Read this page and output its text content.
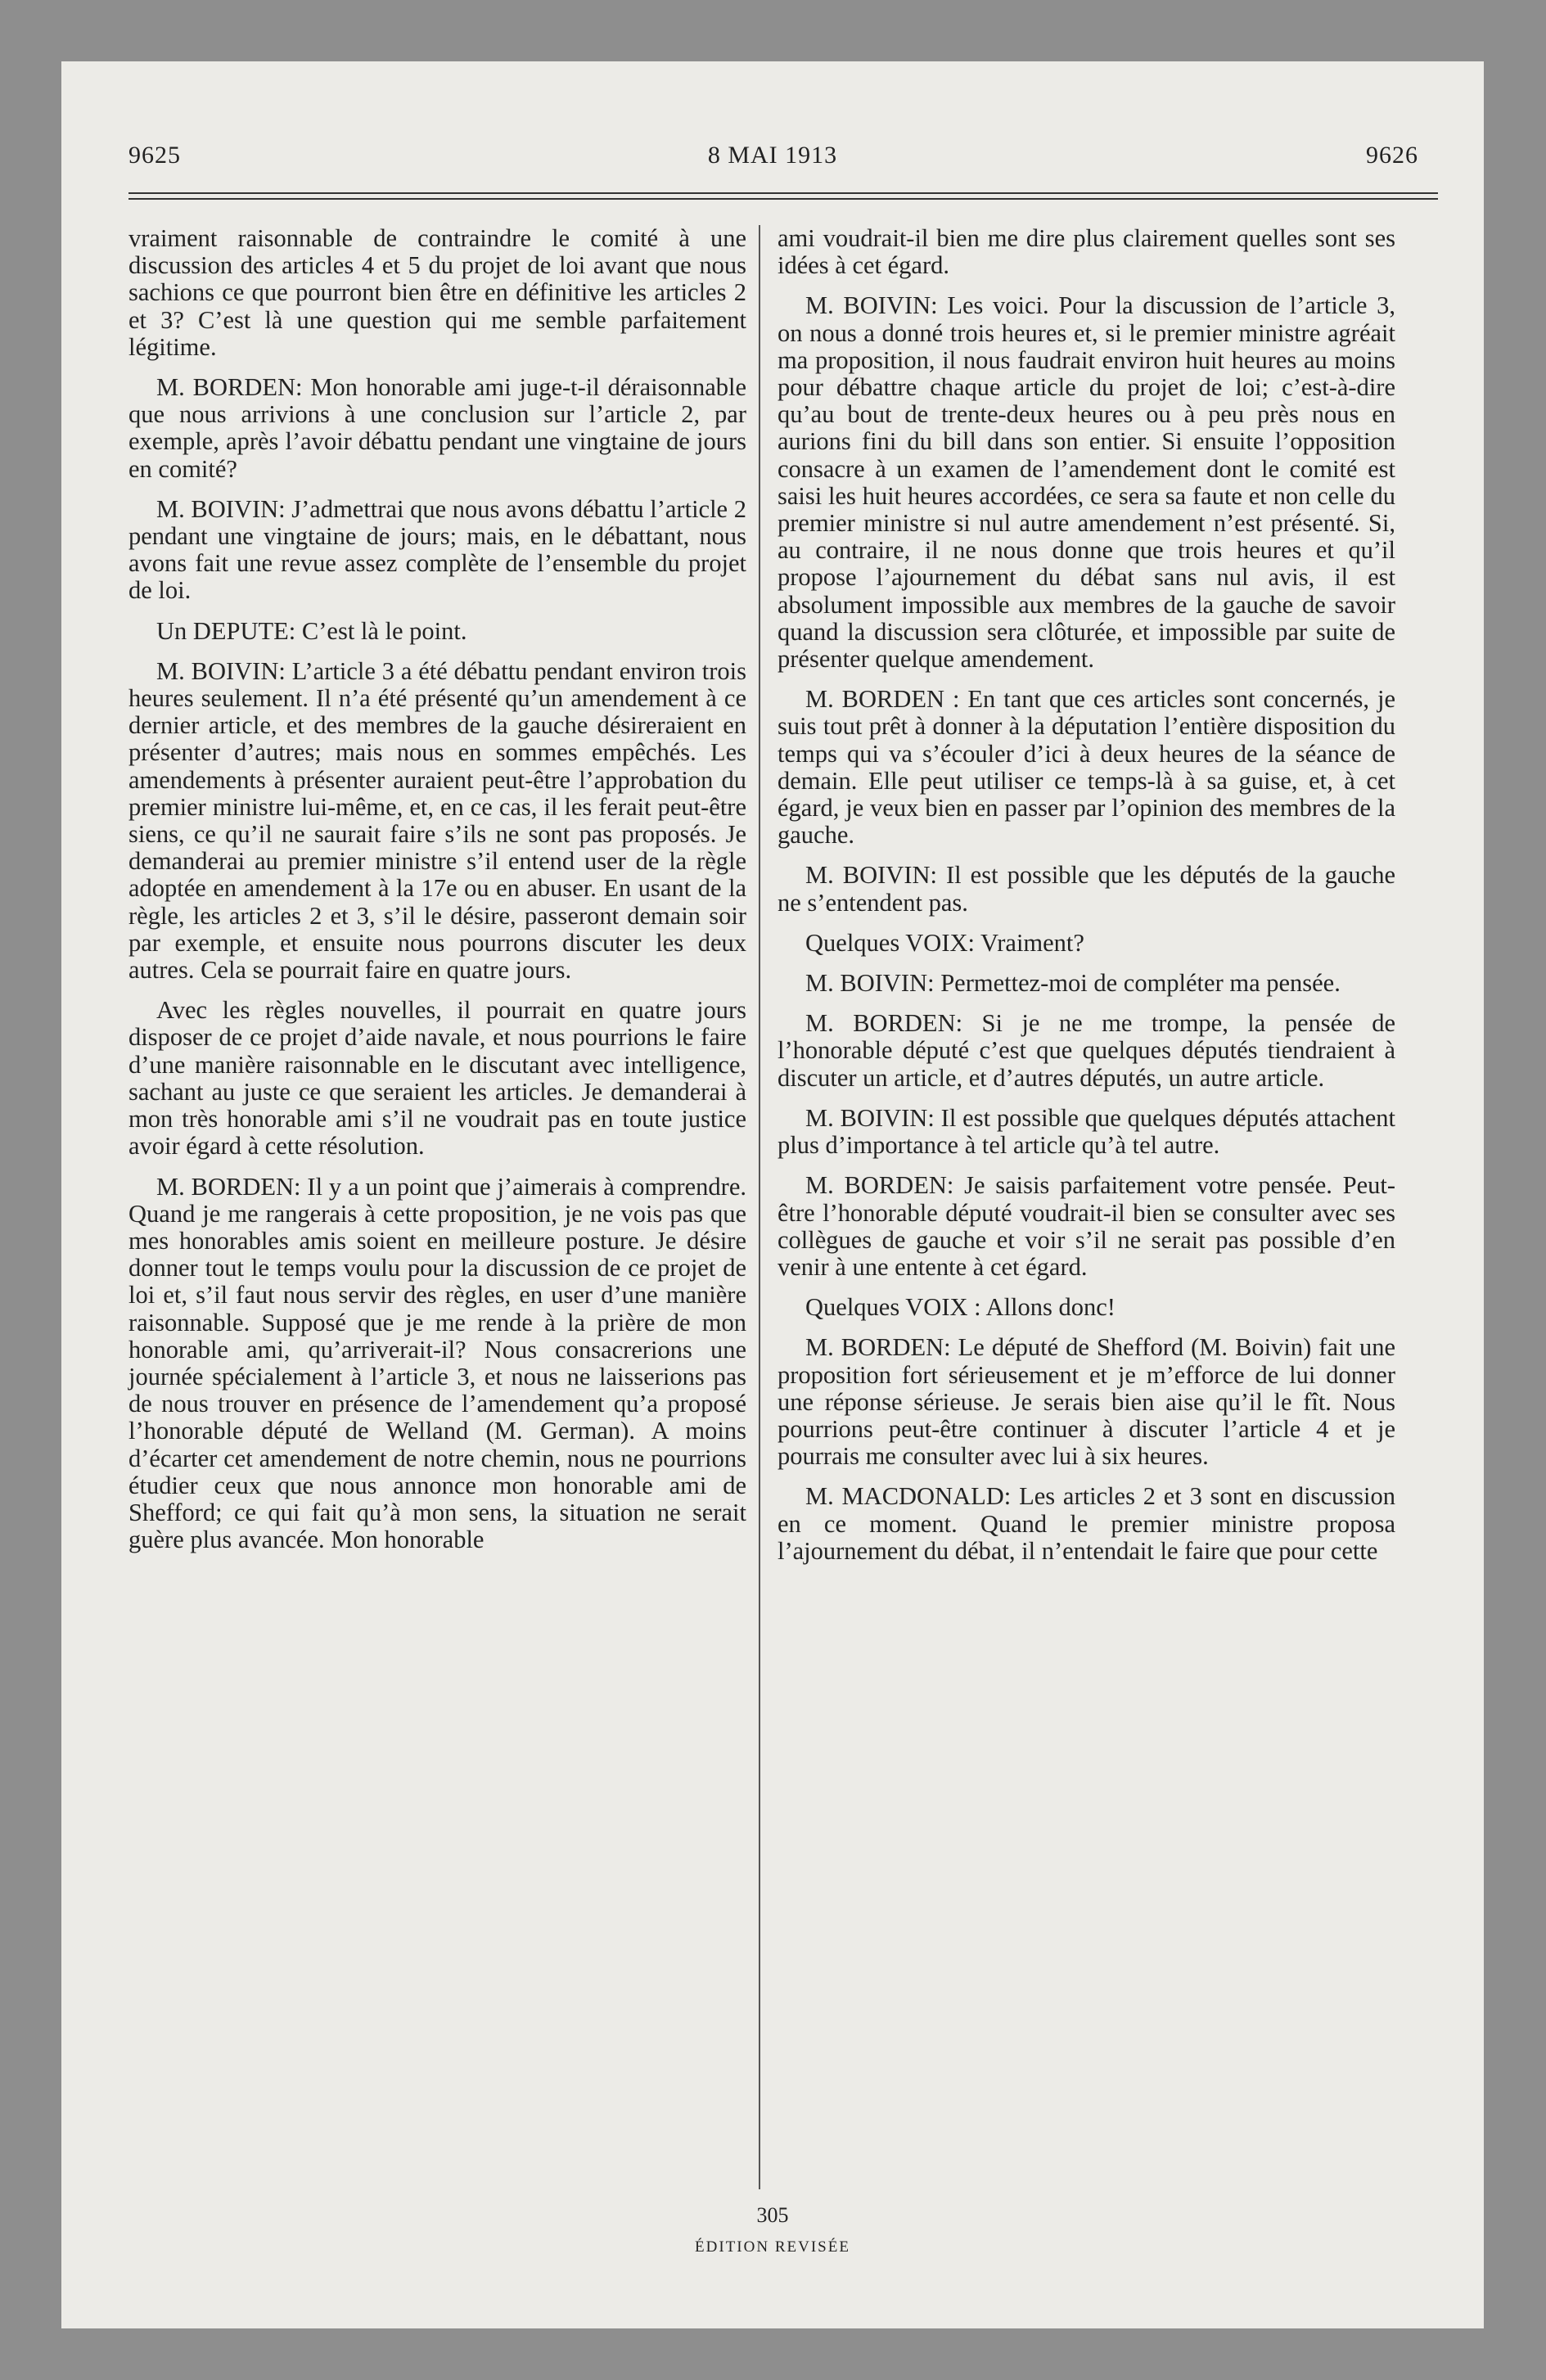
9625	8 MAI 1913	9626

vraiment raisonnable de contraindre le comité à une discussion des articles 4 et 5 du projet de loi avant que nous sachions ce que pourront bien être en définitive les articles 2 et 3? C’est là une question qui me semble parfaitement légitime.

M. BORDEN: Mon honorable ami juge-t-il déraisonnable que nous arrivions à une conclusion sur l’article 2, par exemple, après l’avoir débattu pendant une vingtaine de jours en comité?

M. BOIVIN: J’admettrai que nous avons débattu l’article 2 pendant une vingtaine de jours; mais, en le débattant, nous avons fait une revue assez complète de l’ensemble du projet de loi.

Un DEPUTE: C’est là le point.

M. BOIVIN: L’article 3 a été débattu pendant environ trois heures seulement. Il n’a été présenté qu’un amendement à ce dernier article, et des membres de la gauche désireraient en présenter d’autres; mais nous en sommes empêchés. Les amendements à présenter auraient peut-être l’approbation du premier ministre lui-même, et, en ce cas, il les ferait peut-être siens, ce qu’il ne saurait faire s’ils ne sont pas proposés. Je demanderai au premier ministre s’il entend user de la règle adoptée en amendement à la 17e ou en abuser. En usant de la règle, les articles 2 et 3, s’il le désire, passeront demain soir par exemple, et ensuite nous pourrons discuter les deux autres. Cela se pourrait faire en quatre jours.

Avec les règles nouvelles, il pourrait en quatre jours disposer de ce projet d’aide navale, et nous pourrions le faire d’une manière raisonnable en le discutant avec intelligence, sachant au juste ce que seraient les articles. Je demanderai à mon très honorable ami s’il ne voudrait pas en toute justice avoir égard à cette résolution.

M. BORDEN: Il y a un point que j’aimerais à comprendre. Quand je me rangerais à cette proposition, je ne vois pas que mes honorables amis soient en meilleure posture. Je désire donner tout le temps voulu pour la discussion de ce projet de loi et, s’il faut nous servir des règles, en user d’une manière raisonnable. Supposé que je me rende à la prière de mon honorable ami, qu’arriverait-il? Nous consacrerions une journée spécialement à l’article 3, et nous ne laisserions pas de nous trouver en présence de l’amendement qu’a proposé l’honorable député de Welland (M. German). A moins d’écarter cet amendement de notre chemin, nous ne pourrions étudier ceux que nous annonce mon honorable ami de Shefford; ce qui fait qu’à mon sens, la situation ne serait guère plus avancée. Mon honorable

ami voudrait-il bien me dire plus clairement quelles sont ses idées à cet égard.

M. BOIVIN: Les voici. Pour la discussion de l’article 3, on nous a donné trois heures et, si le premier ministre agréait ma proposition, il nous faudrait environ huit heures au moins pour débattre chaque article du projet de loi; c’est-à-dire qu’au bout de trente-deux heures ou à peu près nous en aurions fini du bill dans son entier. Si ensuite l’opposition consacre à un examen de l’amendement dont le comité est saisi les huit heures accordées, ce sera sa faute et non celle du premier ministre si nul autre amendement n’est présenté. Si, au contraire, il ne nous donne que trois heures et qu’il propose l’ajournement du débat sans nul avis, il est absolument impossible aux membres de la gauche de savoir quand la discussion sera clôturée, et impossible par suite de présenter quelque amendement.

M. BORDEN : En tant que ces articles sont concernés, je suis tout prêt à donner à la députation l’entière disposition du temps qui va s’écouler d’ici à deux heures de la séance de demain. Elle peut utiliser ce temps-là à sa guise, et, à cet égard, je veux bien en passer par l’opinion des membres de la gauche.

M. BOIVIN: Il est possible que les députés de la gauche ne s’entendent pas.

Quelques VOIX: Vraiment?

M. BOIVIN: Permettez-moi de compléter ma pensée.

M. BORDEN: Si je ne me trompe, la pensée de l’honorable député c’est que quelques députés tiendraient à discuter un article, et d’autres députés, un autre article.

M. BOIVIN: Il est possible que quelques députés attachent plus d’importance à tel article qu’à tel autre.

M. BORDEN: Je saisis parfaitement votre pensée. Peut-être l’honorable député voudrait-il bien se consulter avec ses collègues de gauche et voir s’il ne serait pas possible d’en venir à une entente à cet égard.

Quelques VOIX : Allons donc!

M. BORDEN: Le député de Shefford (M. Boivin) fait une proposition fort sérieusement et je m’efforce de lui donner une réponse sérieuse. Je serais bien aise qu’il le fît. Nous pourrions peut-être continuer à discuter l’article 4 et je pourrais me consulter avec lui à six heures.

M. MACDONALD: Les articles 2 et 3 sont en discussion en ce moment. Quand le premier ministre proposa l’ajournement du débat, il n’entendait le faire que pour cette

305
ÉDITION REVISÉE
